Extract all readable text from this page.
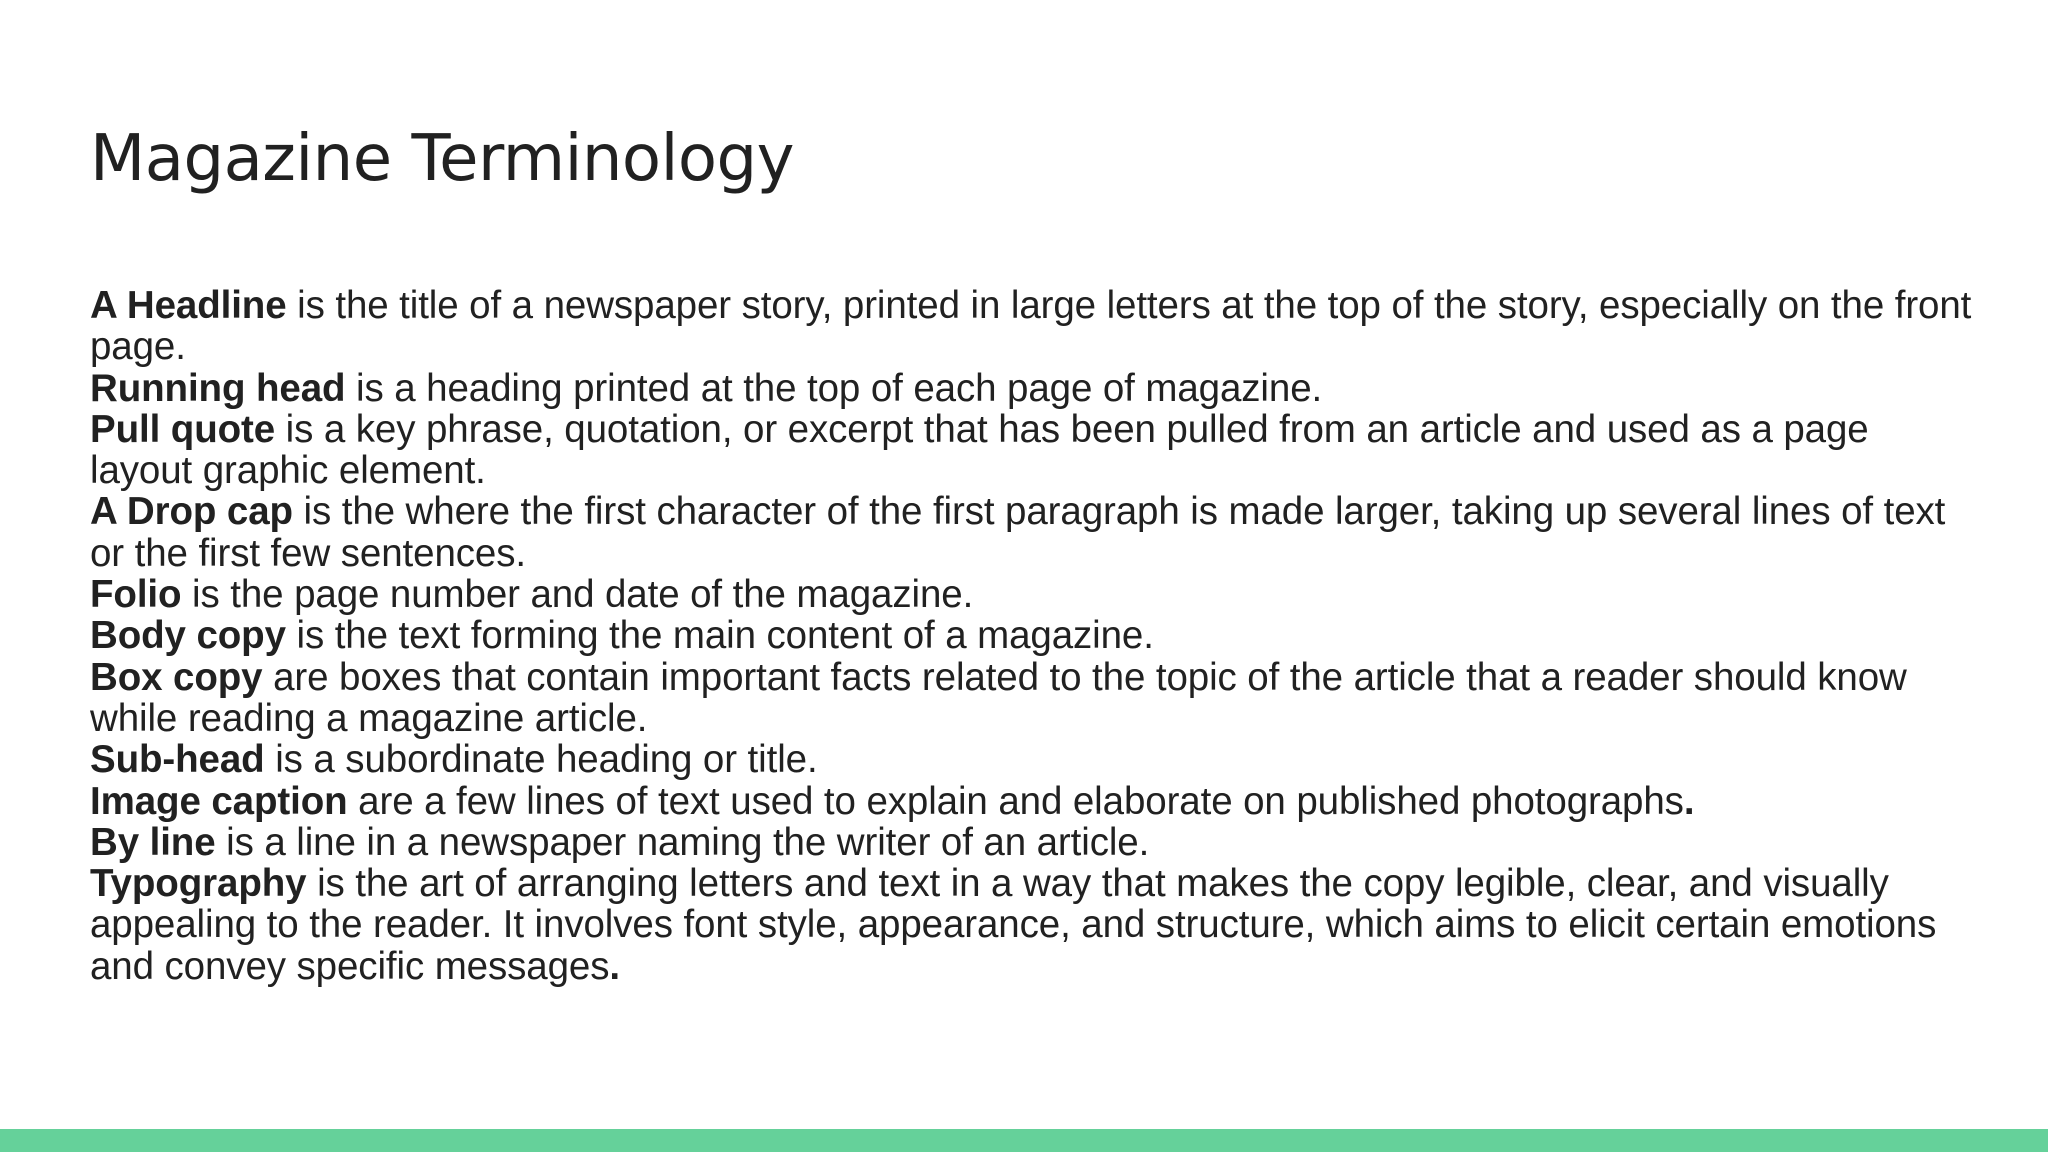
Magazine Terminology

A Headline is the title of a newspaper story, printed in large letters at the top of the story, especially on the front page.

Running head is a heading printed at the top of each page of magazine.

Pull quote is a key phrase, quotation, or excerpt that has been pulled from an article and used as a page layout graphic element.

A Drop cap is the where the first character of the first paragraph is made larger, taking up several lines of text or the first few sentences.

Folio is the page number and date of the magazine.

Body copy is the text forming the main content of a magazine.

Box copy are boxes that contain important facts related to the topic of the article that a reader should know while reading a magazine article.

Sub-head is a subordinate heading or title.

Image caption are a few lines of text used to explain and elaborate on published photographs.

By line is a line in a newspaper naming the writer of an article.

Typography is the art of arranging letters and text in a way that makes the copy legible, clear, and visually appealing to the reader. It involves font style, appearance, and structure, which aims to elicit certain emotions and convey specific messages.
